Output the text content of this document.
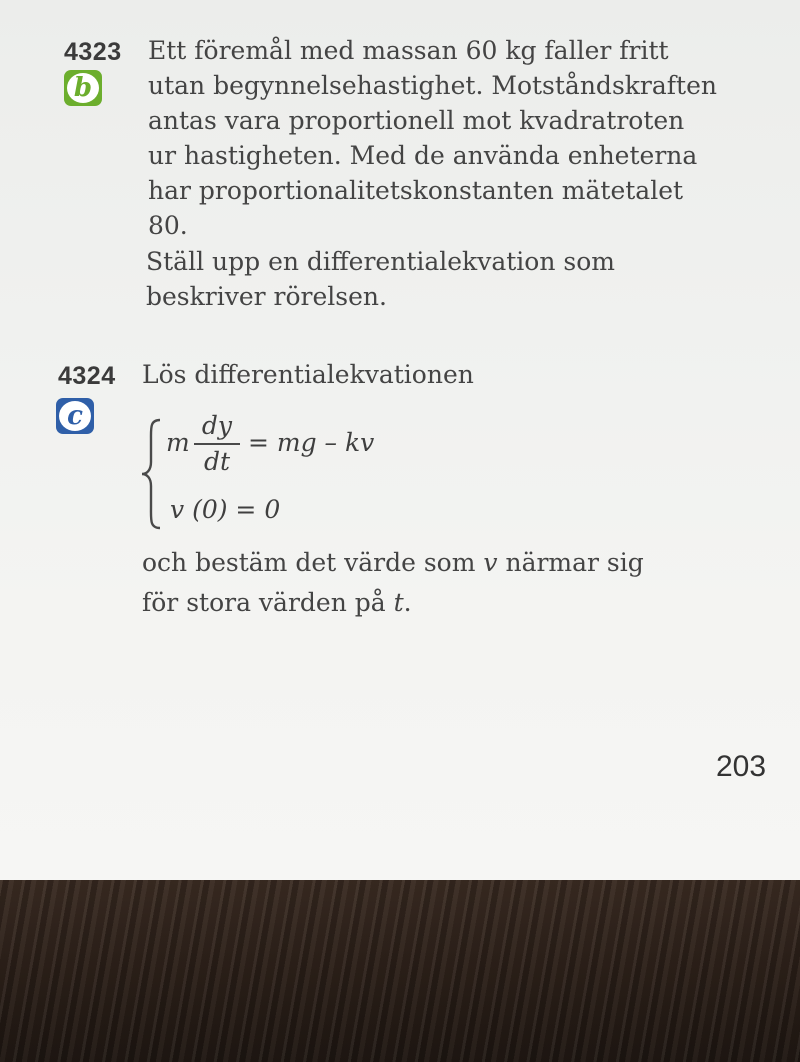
4323
b

Ett föremål med massan 60 kg faller fritt

utan begynnelsehastighet. Motståndskraften

antas vara proportionell mot kvadratroten

ur hastigheten. Med de använda enheterna

har proportionalitetskonstanten mätetalet

80.

Ställ upp en differentialekvation som

beskriver rörelsen.

4324
c

Lös differentialekvationen

m
dy
dt
= mg – kv
v (0) = 0

och bestäm det värde som v närmar sig

för stora värden på t.

203
